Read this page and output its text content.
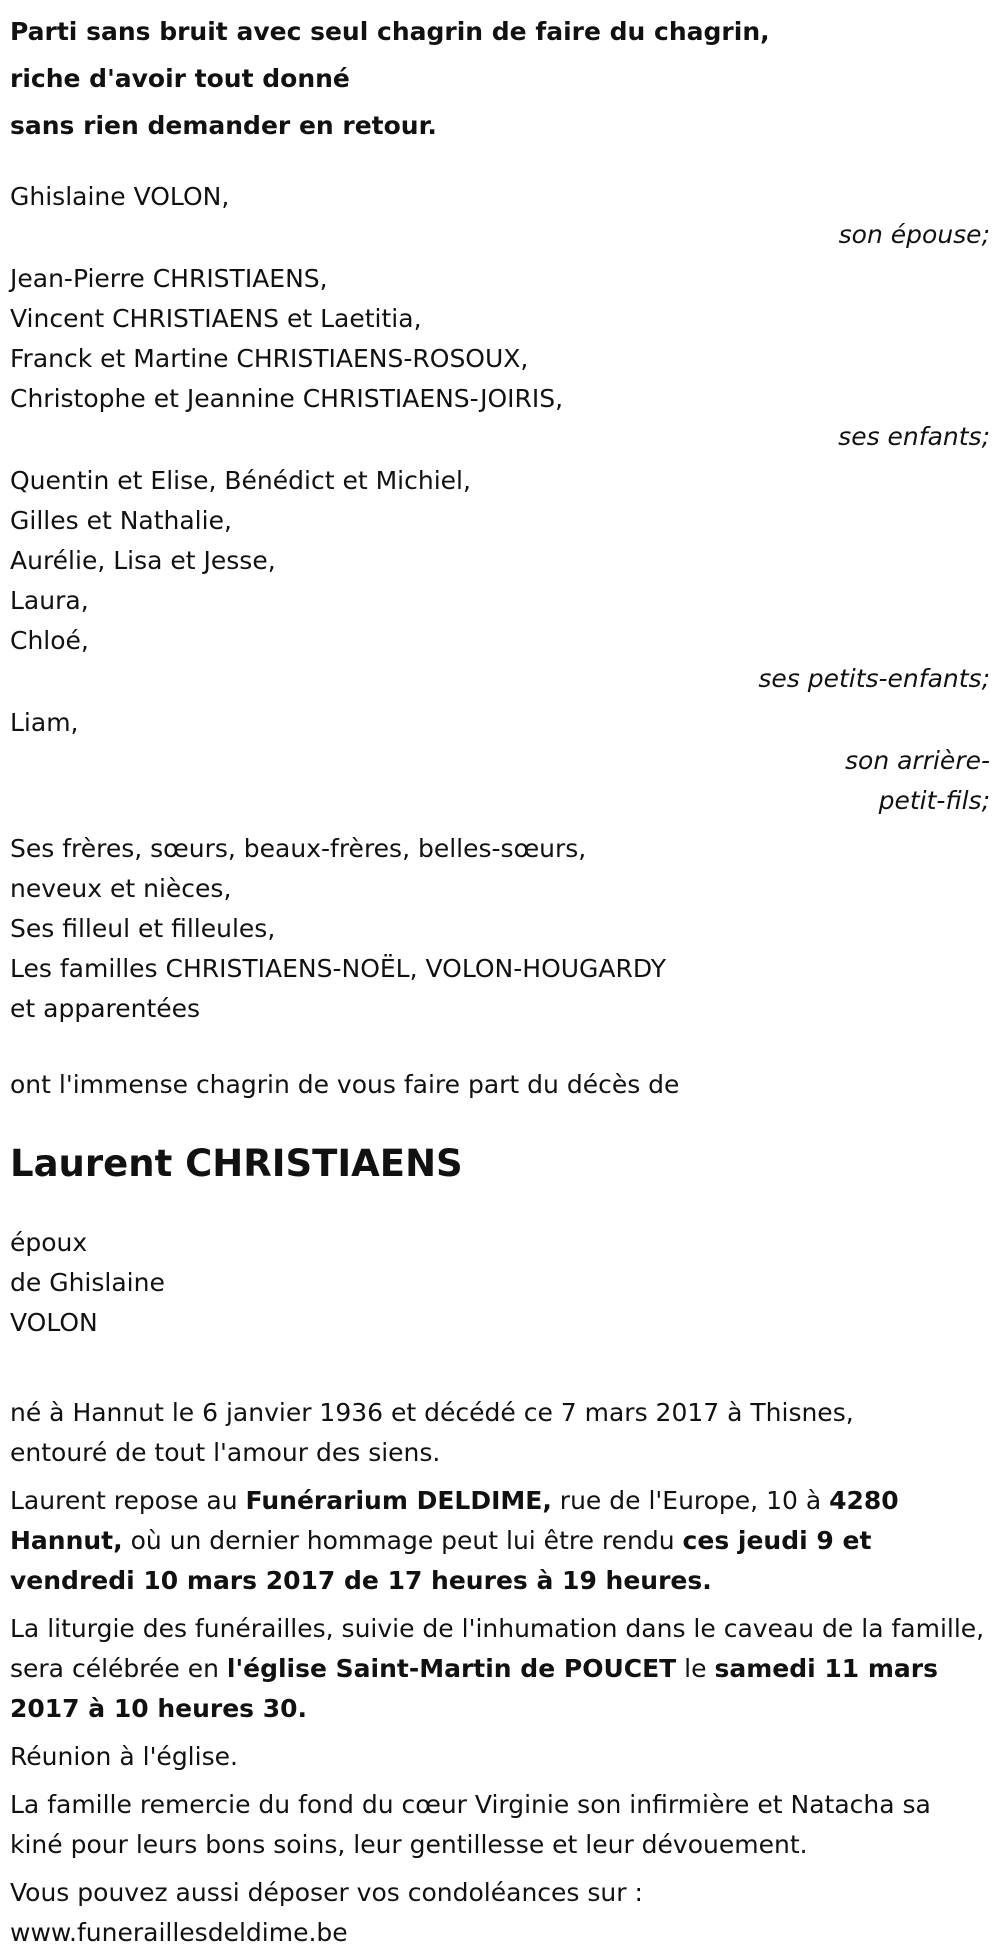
Parti sans bruit avec seul chagrin de faire du chagrin,
riche d'avoir tout donné
sans rien demander en retour.
Ghislaine VOLON,
son épouse;
Jean-Pierre CHRISTIAENS,
Vincent CHRISTIAENS et Laetitia,
Franck et Martine CHRISTIAENS-ROSOUX,
Christophe et Jeannine CHRISTIAENS-JOIRIS,
ses enfants;
Quentin et Elise, Bénédict et Michiel,
Gilles et Nathalie,
Aurélie, Lisa et Jesse,
Laura,
Chloé,
ses petits-enfants;
Liam,
son arrière-
petit-fils;
Ses frères, sœurs, beaux-frères, belles-sœurs,
neveux et nièces,
Ses filleul et filleules,
Les familles CHRISTIAENS-NOËL, VOLON-HOUGARDY
et apparentées
ont l'immense chagrin de vous faire part du décès de
Laurent CHRISTIAENS
époux
de Ghislaine
VOLON
né à Hannut le 6 janvier 1936 et décédé ce 7 mars 2017 à Thisnes,
entouré de tout l'amour des siens.
Laurent repose au Funérarium DELDIME, rue de l'Europe, 10 à 4280 Hannut, où un dernier hommage peut lui être rendu ces jeudi 9 et vendredi 10 mars 2017 de 17 heures à 19 heures.
La liturgie des funérailles, suivie de l'inhumation dans le caveau de la famille, sera célébrée en l'église Saint-Martin de POUCET le samedi 11 mars 2017 à 10 heures 30.
Réunion à l'église.
La famille remercie du fond du cœur Virginie son infirmière et Natacha sa kiné pour leurs bons soins, leur gentillesse et leur dévouement.
Vous pouvez aussi déposer vos condoléances sur :
www.funeraillesdeldime.be
